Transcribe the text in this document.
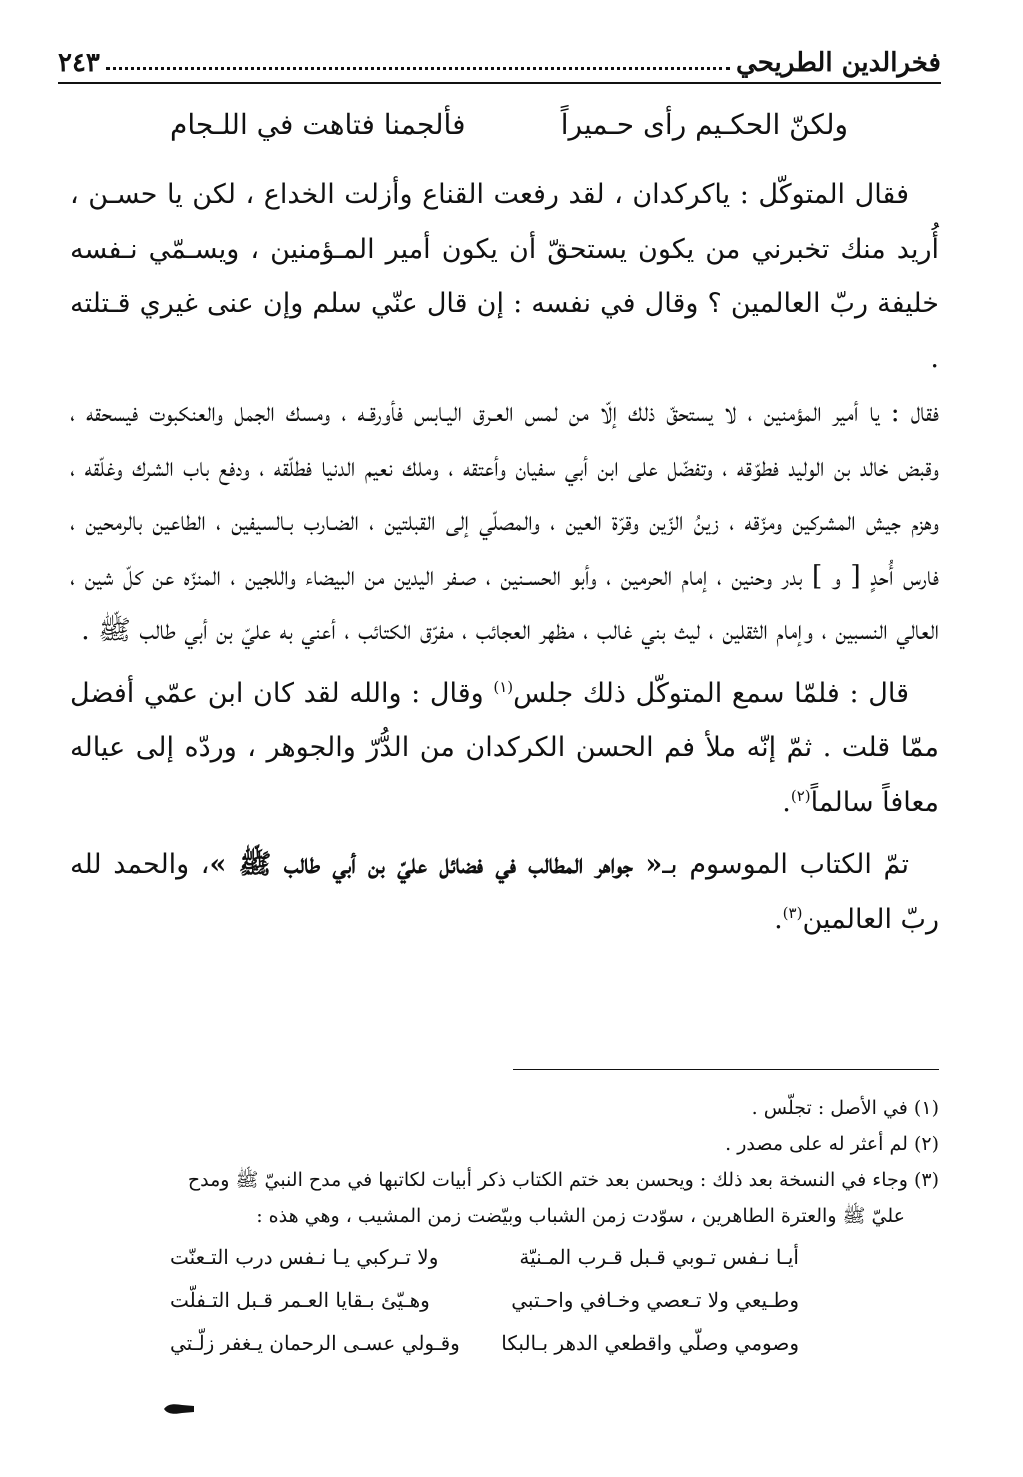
فخرالدين الطريحي
٢٤٣
ولكنّ الحكـيم رأى حـميراً
فألجمنا فتاهت في اللـجام

فقال المتوكّل : ياكركدان ، لقد رفعت القناع وأزلت الخداع ، لكن يا حسـن ، أُريد منك تخبرني من يكون يستحقّ أن يكون أمير المـؤمنين ، ويسـمّي نـفسه خليفة ربّ العالمين ؟ وقال في نفسه : إن قال عنّي سلم وإن عنى غيري قـتلته .

فقال : يا أمير المؤمنين ، لا يستحقّ ذلك إلّا من لمس العـرق اليـابس فأورقـه ، ومسك الجمل والعنكبوت فيسحقه ، وقبض خالد بن الوليد فطوّقه ، وتفضّل على ابن أبي سفيان وأعتقه ، وملك نعيم الدنيا فطلّقه ، ودفع باب الشرك وغلّقه ، وهزم جيش المشركين ومزّقه ، زينُ الزّين وقرّة العين ، والمصلّي إلى القبلتين ، الضـارب بـالسيفين ، الطاعين بالرمحين ، فارس أُحدٍ [ و ] بدر وحنين ، إمام الحرمين ، وأبو الحسـنين ، صـفر اليدين من البيضاء واللجين ، المنزّه عن كلّ شين ، العالي النسبين ، وإمام الثقلين ، ليث بني غالب ، مظهر العجائب ، مفرّق الكتائب ، أعني به عليّ بن أبي طالب ﷺ .

قال : فلمّا سمع المتوكّل ذلك جلس$^{(١)}$ وقال : والله لقد كان ابن عمّي أفضل ممّا قلت . ثمّ إنّه ملأ فم الحسن الكركدان من الدُّرّ والجوهر ، وردّه إلى عياله معافاً سالماً$^{(٢)}$.

تمّ الكتاب الموسوم بـ« جواهر المطالب في فضائل عليّ بن أبي طالب ﷺ »، والحمد لله ربّ العالمين$^{(٣)}$.

(١) في الأصل : تجلّس .

(٢) لم أعثر له على مصدر .

(٣) وجاء في النسخة بعد ذلك : ويحسن بعد ختم الكتاب ذكر أبيات لكاتبها في مدح النبيّ ﷺ ومدح

عليّ ﷺ والعترة الطاهرين ، سوّدت زمن الشباب وبيّضت زمن المشيب ، وهي هذه :

أيـا نـفس تـوبي قـبل قـرب المـنيّة
ولا تـركبي يـا نـفس درب التـعنّت
وطـيعي ولا تـعصي وخـافي واحـتبي
وهـيّئ بـقايا العـمر قـبل التـفلّت
وصومي وصلّي واقطعي الدهر بـالبكا
وقـولي عسـى الرحمان يـغفر زلّـتي
